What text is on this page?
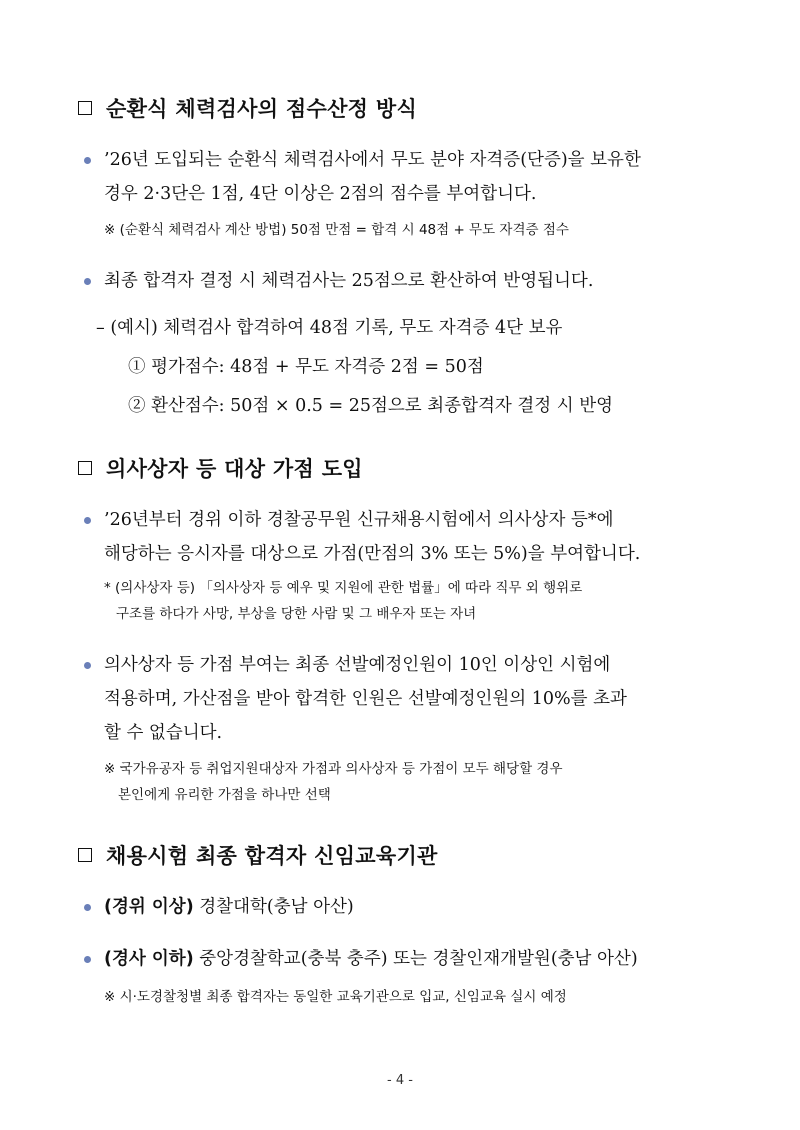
순환식 체력검사의 점수산정 방식
’26년 도입되는 순환식 체력검사에서 무도 분야 자격증(단증)을 보유한
경우 2·3단은 1점, 4단 이상은 2점의 점수를 부여합니다.
※ (순환식 체력검사 계산 방법) 50점 만점 = 합격 시 48점 + 무도 자격증 점수
최종 합격자 결정 시 체력검사는 25점으로 환산하여 반영됩니다.
– (예시) 체력검사 합격하여 48점 기록, 무도 자격증 4단 보유
① 평가점수: 48점 + 무도 자격증 2점 = 50점
② 환산점수: 50점 × 0.5 = 25점으로 최종합격자 결정 시 반영
의사상자 등 대상 가점 도입
’26년부터 경위 이하 경찰공무원 신규채용시험에서 의사상자 등*에
해당하는 응시자를 대상으로 가점(만점의 3% 또는 5%)을 부여합니다.
* (의사상자 등) 「의사상자 등 예우 및 지원에 관한 법률」에 따라 직무 외 행위로
구조를 하다가 사망, 부상을 당한 사람 및 그 배우자 또는 자녀
의사상자 등 가점 부여는 최종 선발예정인원이 10인 이상인 시험에
적용하며, 가산점을 받아 합격한 인원은 선발예정인원의 10%를 초과
할 수 없습니다.
※ 국가유공자 등 취업지원대상자 가점과 의사상자 등 가점이 모두 해당할 경우
본인에게 유리한 가점을 하나만 선택
채용시험 최종 합격자 신임교육기관
(경위 이상) 경찰대학(충남 아산)
(경사 이하) 중앙경찰학교(충북 충주) 또는 경찰인재개발원(충남 아산)
※ 시·도경찰청별 최종 합격자는 동일한 교육기관으로 입교, 신임교육 실시 예정
- 4 -
